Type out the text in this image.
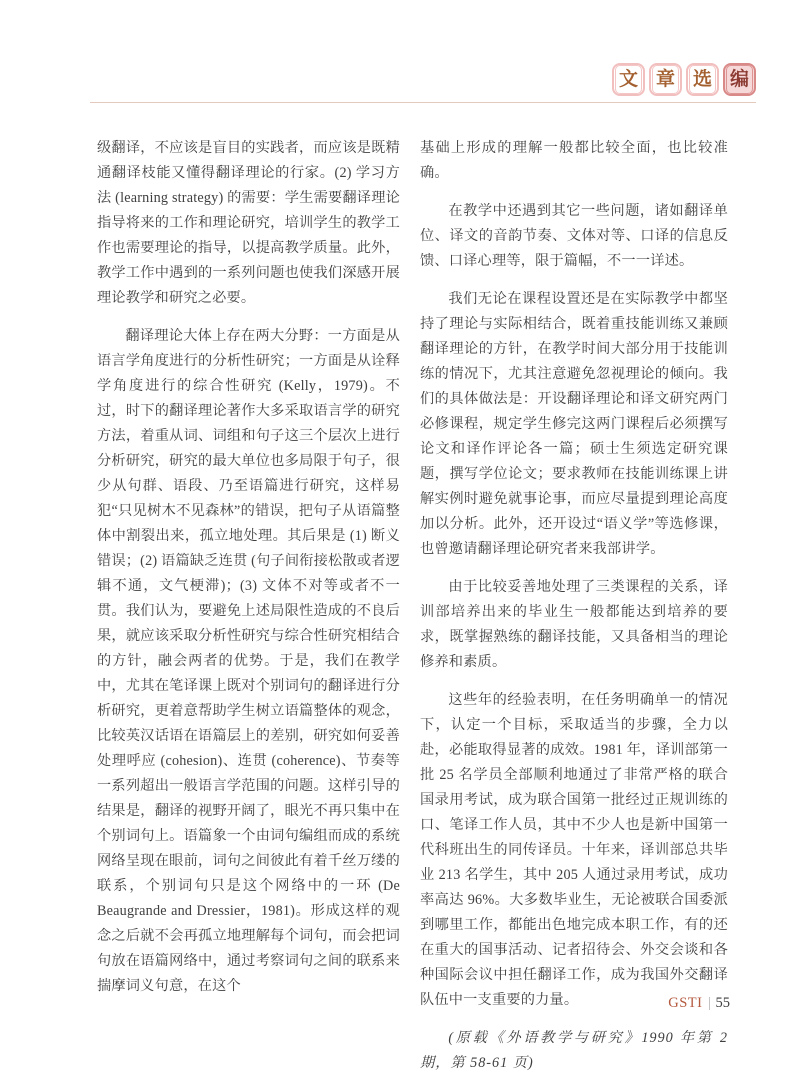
文 章 选 编

级翻译，不应该是盲目的实践者，而应该是既精通翻译枝能又懂得翻译理论的行家。(2) 学习方法 (learning strategy) 的需要：学生需要翻译理论指导将来的工作和理论研究，培训学生的教学工作也需要理论的指导，以提高教学质量。此外，教学工作中遇到的一系列问题也使我们深感开展理论教学和研究之必要。

翻译理论大体上存在两大分野：一方面是从语言学角度进行的分析性研究；一方面是从诠释学角度进行的综合性研究 (Kelly，1979)。不过，时下的翻译理论著作大多采取语言学的研究方法，着重从词、词组和句子这三个层次上进行分析研究，研究的最大单位也多局限于句子，很少从句群、语段、乃至语篇进行研究，这样易犯“只见树木不见森林”的错误，把句子从语篇整体中割裂出来，孤立地处理。其后果是 (1) 断义错误；(2) 语篇缺乏连贯 (句子间衔接松散或者逻辑不通，文气梗滞)；(3) 文体不对等或者不一贯。我们认为，要避免上述局限性造成的不良后果，就应该采取分析性研究与综合性研究相结合的方针，融会两者的优势。于是，我们在教学中，尤其在笔译课上既对个别词句的翻译进行分析研究，更着意帮助学生树立语篇整体的观念，比较英汉话语在语篇层上的差别，研究如何妥善处理呼应 (cohesion)、连贯 (coherence)、节奏等一系列超出一般语言学范围的问题。这样引导的结果是，翻译的视野开阔了，眼光不再只集中在个别词句上。语篇象一个由词句编组而成的系统网络呈现在眼前，词句之间彼此有着千丝万缕的联系，个别词句只是这个网络中的一环 (De Beaugrande and Dressier，1981)。形成这样的观念之后就不会再孤立地理解每个词句，而会把词句放在语篇网络中，通过考察词句之间的联系来揣摩词义句意，在这个

基础上形成的理解一般都比较全面，也比较准确。

在教学中还遇到其它一些问题，诸如翻译单位、译文的音韵节奏、文体对等、口译的信息反馈、口译心理等，限于篇幅，不一一详述。

我们无论在课程设置还是在实际教学中都坚持了理论与实际相结合，既着重技能训练又兼顾翻译理论的方针，在教学时间大部分用于技能训练的情况下，尤其注意避免忽视理论的倾向。我们的具体做法是：开设翻译理论和译文研究两门必修课程，规定学生修完这两门课程后必须撰写论文和译作评论各一篇；硕士生须选定研究课题，撰写学位论文；要求教师在技能训练课上讲解实例时避免就事论事，而应尽量提到理论高度加以分析。此外，还开设过“语义学”等选修课，也曾邀请翻译理论研究者来我部讲学。

由于比较妥善地处理了三类课程的关系，译训部培养出来的毕业生一般都能达到培养的要求，既掌握熟练的翻译技能，又具备相当的理论修养和素质。

这些年的经验表明，在任务明确单一的情况下，认定一个目标，采取适当的步骤，全力以赴，必能取得显著的成效。1981 年，译训部第一批 25 名学员全部顺利地通过了非常严格的联合国录用考试，成为联合国第一批经过正规训练的口、笔译工作人员，其中不少人也是新中国第一代科班出生的同传译员。十年来，译训部总共毕业 213 名学生，其中 205 人通过录用考试，成功率高达 96%。大多数毕业生，无论被联合国委派到哪里工作，都能出色地完成本职工作，有的还在重大的国事活动、记者招待会、外交会谈和各种国际会议中担任翻译工作，成为我国外交翻译队伍中一支重要的力量。

(原载《外语教学与研究》1990 年第 2 期，第 58-61 页)

GSTI 55
